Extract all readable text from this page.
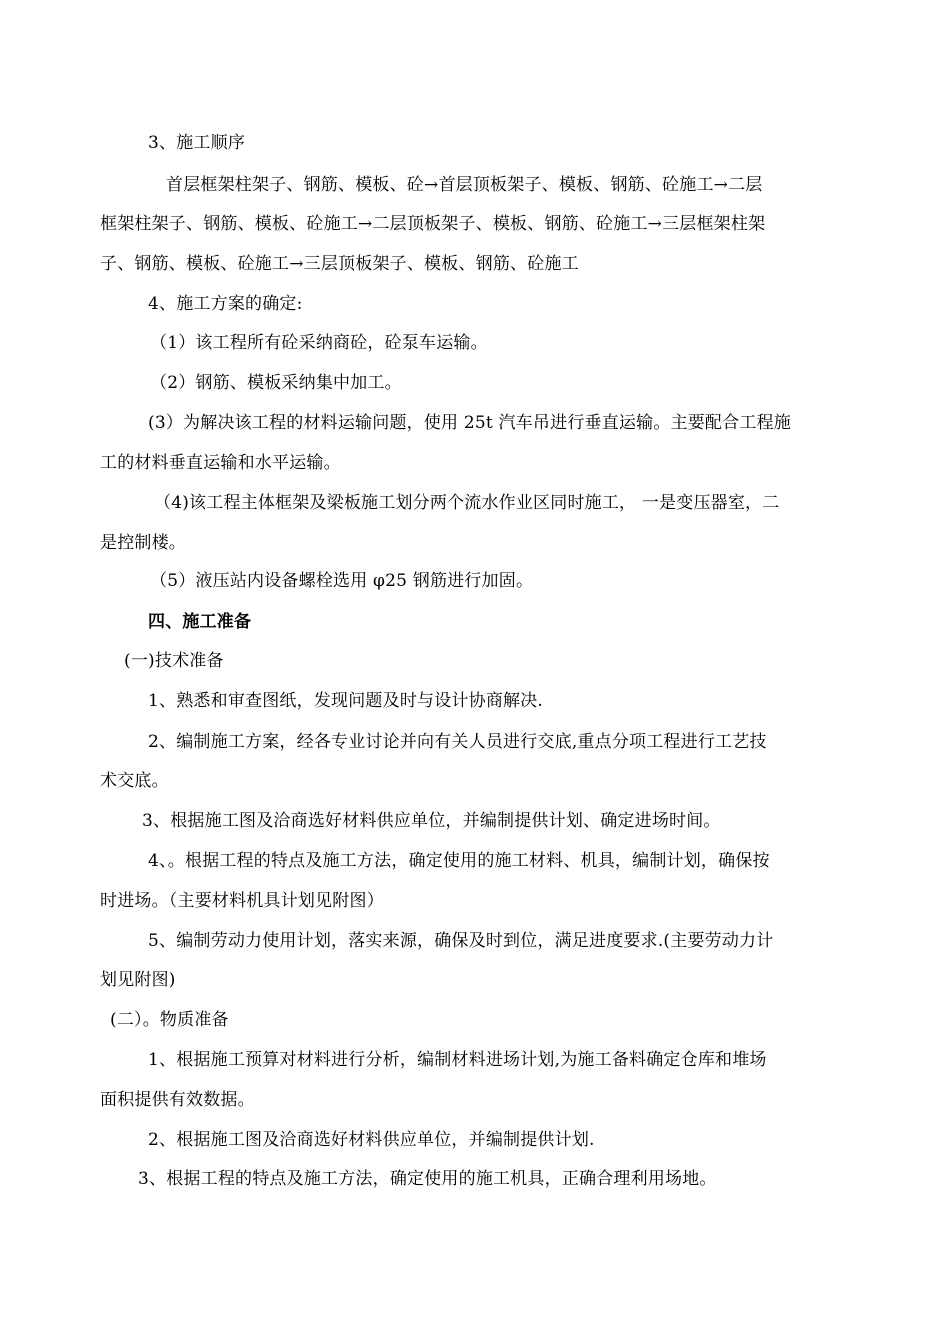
3、施工顺序
首层框架柱架子、钢筋、模板、砼→首层顶板架子、模板、钢筋、砼施工→二层
框架柱架子、钢筋、模板、砼施工→二层顶板架子、模板、钢筋、砼施工→三层框架柱架
子、钢筋、模板、砼施工→三层顶板架子、模板、钢筋、砼施工
4、施工方案的确定:
（1）该工程所有砼采纳商砼，砼泵车运输。
（2）钢筋、模板采纳集中加工。
(3）为解决该工程的材料运输问题，使用 25t 汽车吊进行垂直运输。主要配合工程施
工的材料垂直运输和水平运输。
（4)该工程主体框架及梁板施工划分两个流水作业区同时施工， 一是变压器室，二
是控制楼。
（5）液压站内设备螺栓选用 φ25 钢筋进行加固。
四、施工准备
(一)技术准备
1、熟悉和审查图纸，发现问题及时与设计协商解决.
2、编制施工方案，经各专业讨论并向有关人员进行交底,重点分项工程进行工艺技
术交底。
3、根据施工图及洽商选好材料供应单位，并编制提供计划、确定进场时间。
4、。根据工程的特点及施工方法，确定使用的施工材料、机具，编制计划，确保按
时进场。（主要材料机具计划见附图）
5、编制劳动力使用计划，落实来源，确保及时到位，满足进度要求.(主要劳动力计
划见附图)
(二）。物质准备
1、根据施工预算对材料进行分析，编制材料进场计划,为施工备料确定仓库和堆场
面积提供有效数据。
2、根据施工图及洽商选好材料供应单位，并编制提供计划.
3、根据工程的特点及施工方法，确定使用的施工机具，正确合理利用场地。
